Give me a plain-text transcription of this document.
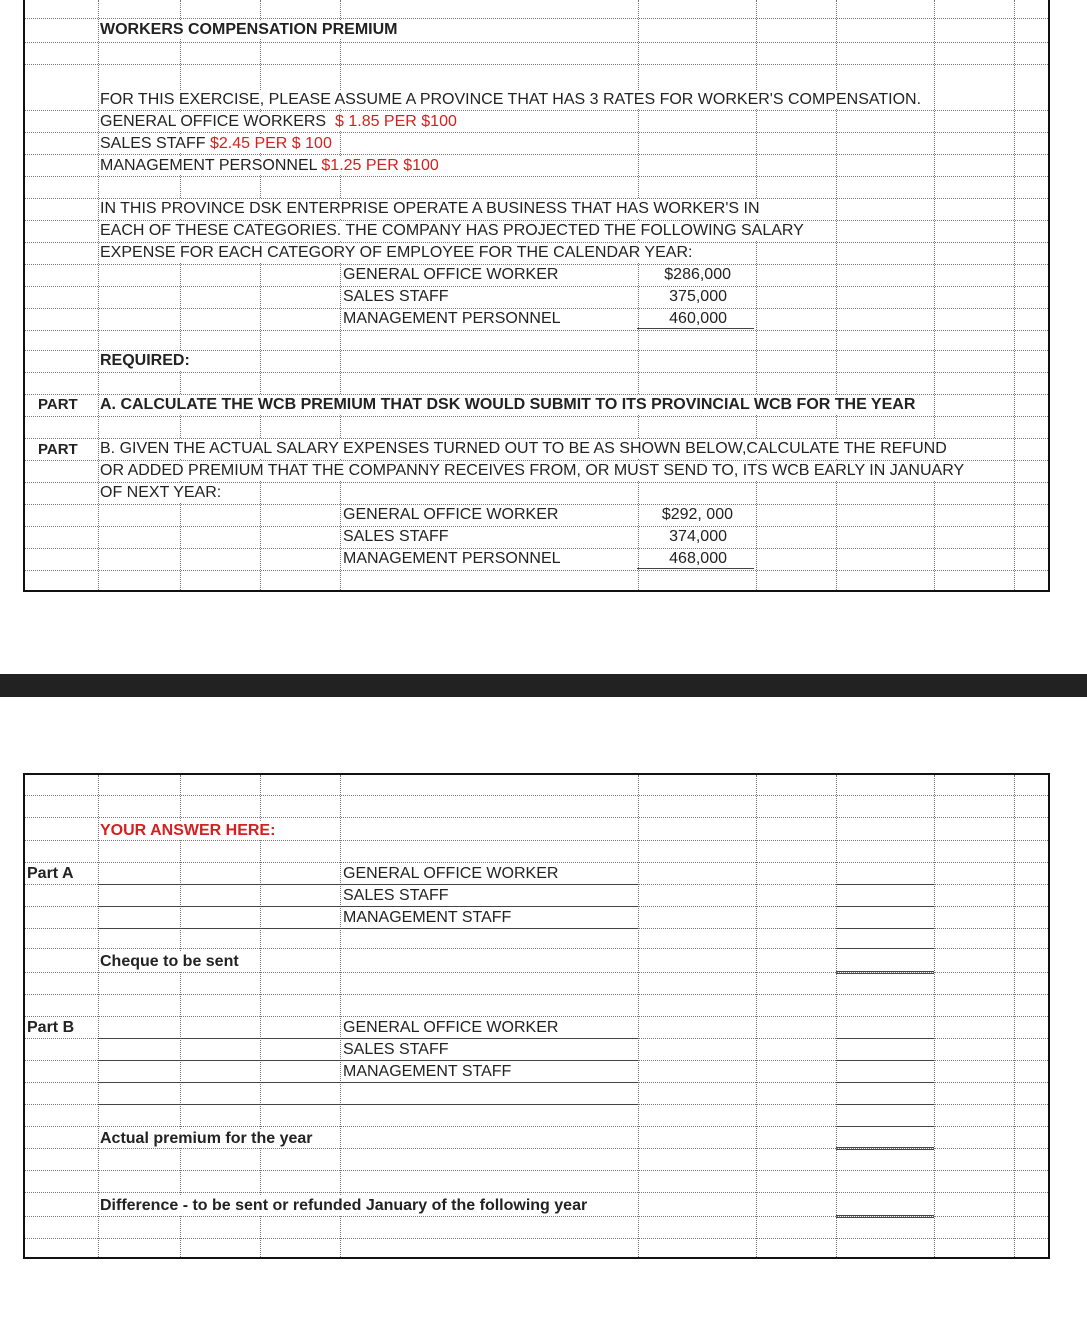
WORKERS COMPENSATION PREMIUM
FOR THIS EXERCISE, PLEASE ASSUME A PROVINCE THAT HAS 3 RATES FOR WORKER'S COMPENSATION.
GENERAL OFFICE WORKERS $ 1.85 PER $100
SALES STAFF $2.45 PER $ 100
MANAGEMENT PERSONNEL $1.25 PER $100
IN THIS PROVINCE DSK ENTERPRISE OPERATE A BUSINESS THAT HAS WORKER'S IN
EACH OF THESE CATEGORIES. THE COMPANY HAS PROJECTED THE FOLLOWING SALARY
EXPENSE FOR EACH CATEGORY OF EMPLOYEE FOR THE CALENDAR YEAR:
GENERAL OFFICE WORKER	$286,000
SALES STAFF	375,000
MANAGEMENT PERSONNEL	460,000
REQUIRED:
PART A. CALCULATE THE WCB PREMIUM THAT DSK WOULD SUBMIT TO ITS PROVINCIAL WCB FOR THE YEAR
PART B. GIVEN THE ACTUAL SALARY EXPENSES TURNED OUT TO BE AS SHOWN BELOW,CALCULATE THE REFUND
OR ADDED PREMIUM THAT THE COMPANNY RECEIVES FROM, OR MUST SEND TO, ITS WCB EARLY IN JANUARY
OF NEXT YEAR:
GENERAL OFFICE WORKER	$292, 000
SALES STAFF	374,000
MANAGEMENT PERSONNEL	468,000
YOUR ANSWER HERE:
Part A	GENERAL OFFICE WORKER
SALES STAFF
MANAGEMENT STAFF
Cheque to be sent
Part B	GENERAL OFFICE WORKER
SALES STAFF
MANAGEMENT STAFF
Actual premium for the year
Difference - to be sent or refunded January of the following year
